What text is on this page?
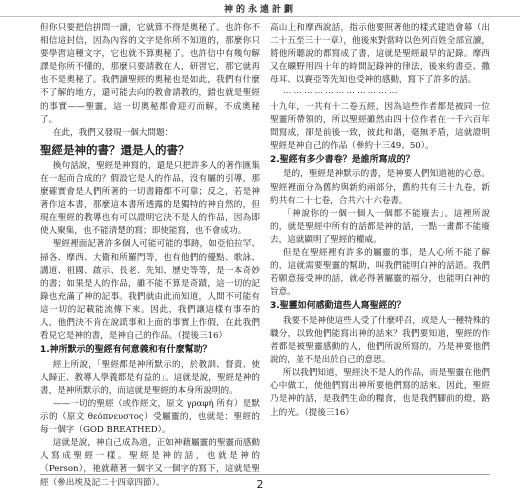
神的永遠計劃

但你只要把信拼問一讀，它就算不得是奧秘了。也許你不相信這封信，因為內容的文字是你所不知道的，那麼你只要學習這種文字，它也就不算奧秘了。也許信中有幾句解譯是你所不懂的，那麼只要請教在人，研習它，那它就再也不是奧秘了。我們讀聖經的奧秘也是如此，我們有什麼不了解的地方，還可能去向的教會請教的，錯也就是聖經的事實——聖靈，這一切奧秘都會迎刃而解，不成奧秘了。

在此，我們又發現一個大問題：

聖經是神的書？還是人的書？

換句話說，聖經是神寫的，還是只把許多人的著作匯集在一起而合成的？假設它是人的作品，沒有屬的引導，那麼確實會是人們所著的一切書籍都不可靠；反之，若是神著作這本書，那麼這本書所透露的是獨特的神自然的，但現在聖經的教導也有可以證明它決不是人的作品，因為即使人聚集，也不能清楚的寫；即使能寫，也不會成功。

聖經裡面記著許多個人可能可能的事跡，如亞伯拉罕、掃各、摩西、大衛和所羅門等，也有他們的優點、歌詠、講道、祖國、啟示、長老、先知、歷史等等，是一本奇妙的書；如果是人的作品，雖不能不算是奇蹟，這一切的記錄也充滿了神的記事。我們就由此而知道，人間不可能有這一切的記載能流傳下來。因此，我們讓這樣有事奉的人，他們決不肯在說謊事和上面的事實上作假，在此我們看見它是神的書，是神自己的作品。（提後三16）

1.神所默示的聖經有何意義和有什麼幫助？

經上所說，「聖經都是神所默示的，於教訓、督責、使人歸正、教導人學義都是有益的」。這就是說，聖經是神的書，是神所默示的，而這就是聖經的本身所說明的。

——一切的聖經（或作經文，原文 γραφή 所有）是默示的（原文 θεόπνευστος）受屬靈的，也就是：聖經的每一個字（GOD BREATHED）。

這就是說，神自己成為道，正如神藉屬靈的聖靈而感動人寫成聖經一樣。聖經是神的話，也就是神的（Person），祂就藉著一個字又一個字的寫下，這就是聖經（參出埃及記二十四章四節）。

高山上和摩西說話，指示他要照著他的樣式建造會幕（出二十五至三十一章），他後來對當時以色列百姓全部宣讀，將他所聽說的都寫成了書，這就是聖經最早的記錄。摩西又在曠野用四十年的時間記錄神的律法，後來約書亞、撒母耳、以賽亞等先知也受神的感動，寫下了許多的話。

⋯⋯⋯⋯⋯⋯⋯⋯⋯⋯⋯

十九年，一共有十二卷五經，因為這些作者都是被同一位聖靈所帶領的，所以聖經雖然由四十位作者在一千六百年間寫成，卻是前後一致，彼此和諧，毫無矛盾，這就證明聖經是神自己的作品（參約十三49、50）。

2.聖經有多少書卷？是誰所寫成的？

是的，聖經是神默示的書，是神要人們知道祂的心意。聖經裡面分為舊約與新約兩部分，舊約共有三十九卷，新約共有二十七卷，合共六十六卷書。

「神說你的一個一個人一個都不能廢去」。這裡所說的，就是聖經中所有的話都是神的話，一點一畫都不能廢去，這就顯明了聖經的權威。

但是在聖經裡有許多的屬靈的事，是人心所不能了解的，這就需要聖靈的幫助，叫我們能明白神的話語。我們若願意接受神的話，就必得著屬靈的福分，也能明白神的旨意。

3.聖靈如何感動這些人寫聖經的？

我要不是神使這些人受了什麼呼召，或是人一種特殊的職分，以致他們能寫出神的話來？我們要知道，聖經的作者都是被聖靈感動的人，他們所說所寫的，乃是神要他們說的，並不是出於自己的意思。

所以我們知道，聖經決不是人的作品，而是聖靈在他們心中做工，使他們寫出神所要他們寫的話來。因此，聖經乃是神的話，是我們生命的糧食，也是我們腳前的燈，路上的光。（提後三16）

2
